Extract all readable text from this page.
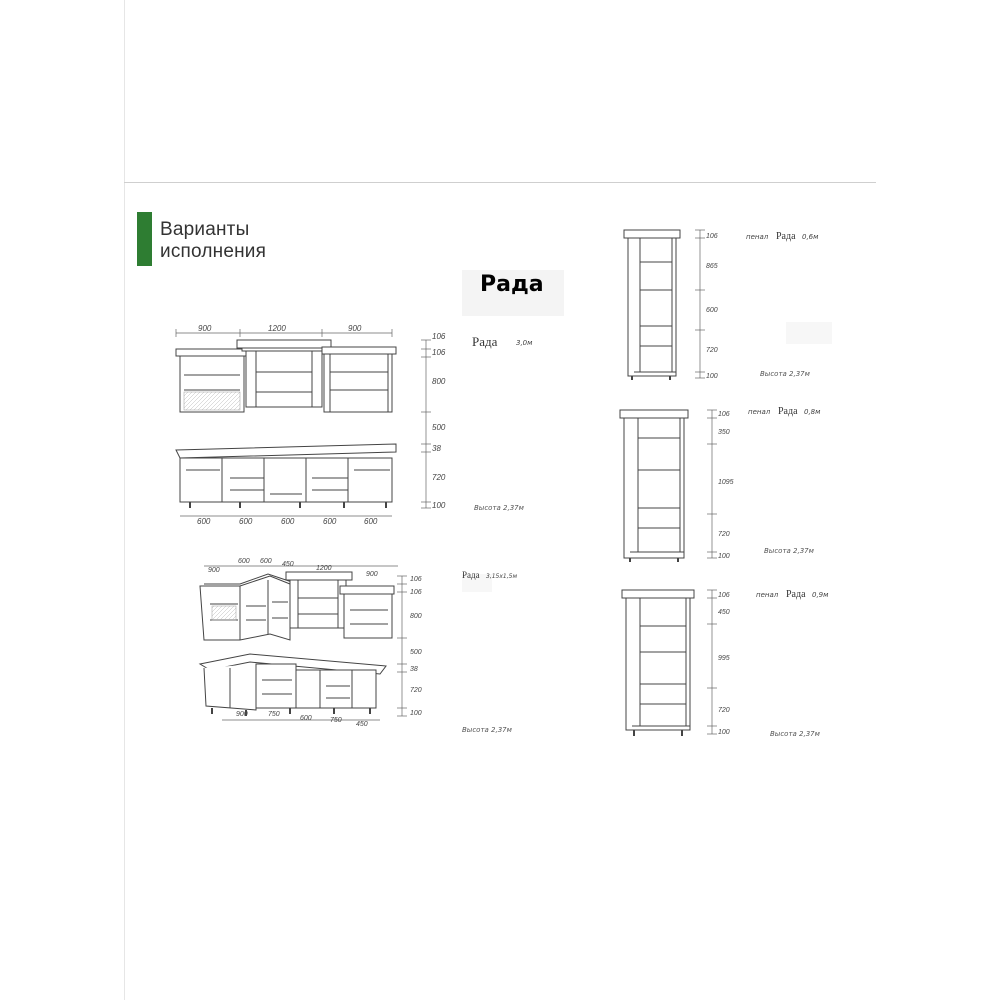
Варианты
исполнения
Рада
900	1200	900
600	600	600	600	600
106
106
800
500
38
720
100
Рада	3,0м
Высота 2,37м
900
600 600 450
1200
900
900	750
600	750
450
106
106
800
500
38
720
100
Рада 3,15х1,5м
Высота 2,37м
106
865
600
720
100
пенал Рада 0,6м
Высота 2,37м
106
350
1095
720
100
пенал Рада 0,8м
Высота 2,37м
106
450
995
720
100
пенал Рада 0,9м
Высота 2,37м
